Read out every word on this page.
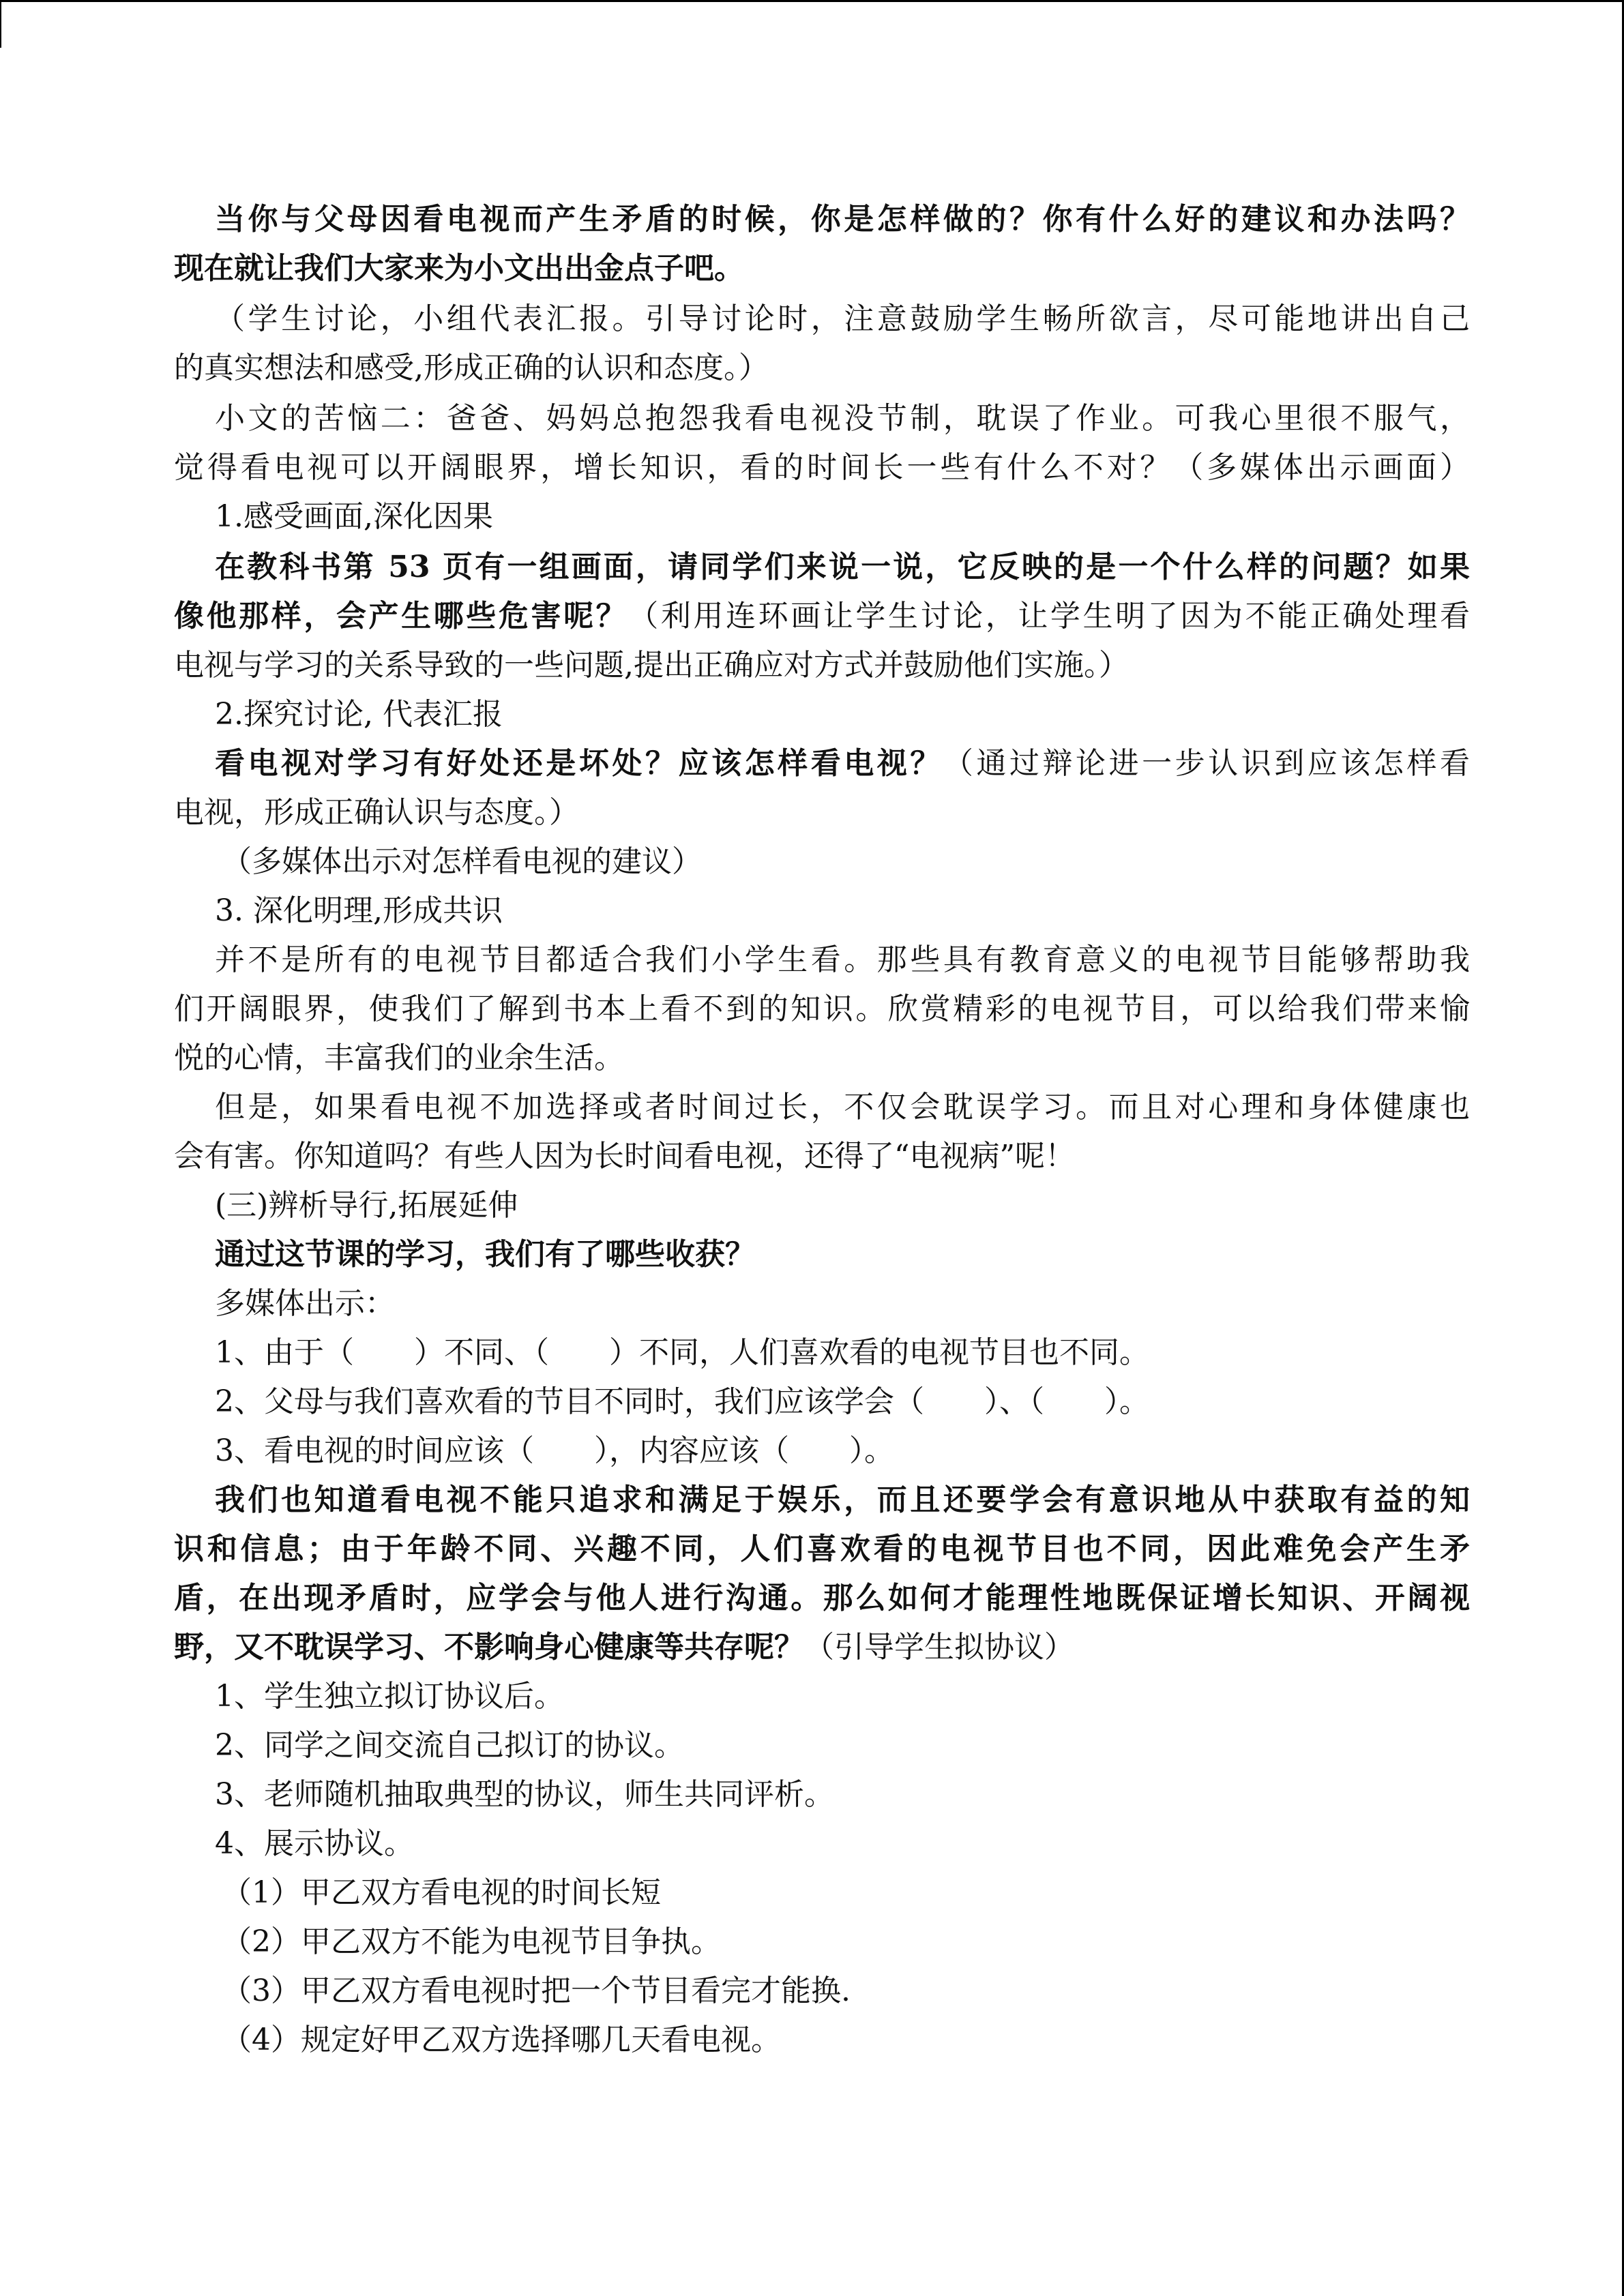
当你与父母因看电视而产生矛盾的时候，你是怎样做的？你有什么好的建议和办法吗？
现在就让我们大家来为小文出出金点子吧。
（学生讨论，小组代表汇报。引导讨论时，注意鼓励学生畅所欲言，尽可能地讲出自己
的真实想法和感受,形成正确的认识和态度。）
小文的苦恼二：爸爸、妈妈总抱怨我看电视没节制，耽误了作业。可我心里很不服气，
觉得看电视可以开阔眼界，增长知识，看的时间长一些有什么不对？（多媒体出示画面）
1.感受画面,深化因果
在教科书第 53 页有一组画面，请同学们来说一说，它反映的是一个什么样的问题？如果
像他那样，会产生哪些危害呢？（利用连环画让学生讨论，让学生明了因为不能正确处理看
电视与学习的关系导致的一些问题,提出正确应对方式并鼓励他们实施。）
2.探究讨论, 代表汇报
看电视对学习有好处还是坏处？应该怎样看电视？（通过辩论进一步认识到应该怎样看
电视，形成正确认识与态度。）
（多媒体出示对怎样看电视的建议）
3. 深化明理,形成共识
并不是所有的电视节目都适合我们小学生看。那些具有教育意义的电视节目能够帮助我
们开阔眼界，使我们了解到书本上看不到的知识。欣赏精彩的电视节目，可以给我们带来愉
悦的心情，丰富我们的业余生活。
但是，如果看电视不加选择或者时间过长，不仅会耽误学习。而且对心理和身体健康也
会有害。你知道吗？有些人因为长时间看电视，还得了“电视病”呢！
(三)辨析导行,拓展延伸
通过这节课的学习，我们有了哪些收获？
多媒体出示：
1、由于（　　）不同、（　　）不同，人们喜欢看的电视节目也不同。
2、父母与我们喜欢看的节目不同时，我们应该学会（　　）、（　　）。
3、看电视的时间应该（　　），内容应该（　　）。
我们也知道看电视不能只追求和满足于娱乐，而且还要学会有意识地从中获取有益的知
识和信息；由于年龄不同、兴趣不同，人们喜欢看的电视节目也不同，因此难免会产生矛
盾，在出现矛盾时，应学会与他人进行沟通。那么如何才能理性地既保证增长知识、开阔视
野，又不耽误学习、不影响身心健康等共存呢？（引导学生拟协议）
1、学生独立拟订协议后。
2、同学之间交流自己拟订的协议。
3、老师随机抽取典型的协议，师生共同评析。
4、展示协议。
（1）甲乙双方看电视的时间长短
（2）甲乙双方不能为电视节目争执。
（3）甲乙双方看电视时把一个节目看完才能换.
（4）规定好甲乙双方选择哪几天看电视。
